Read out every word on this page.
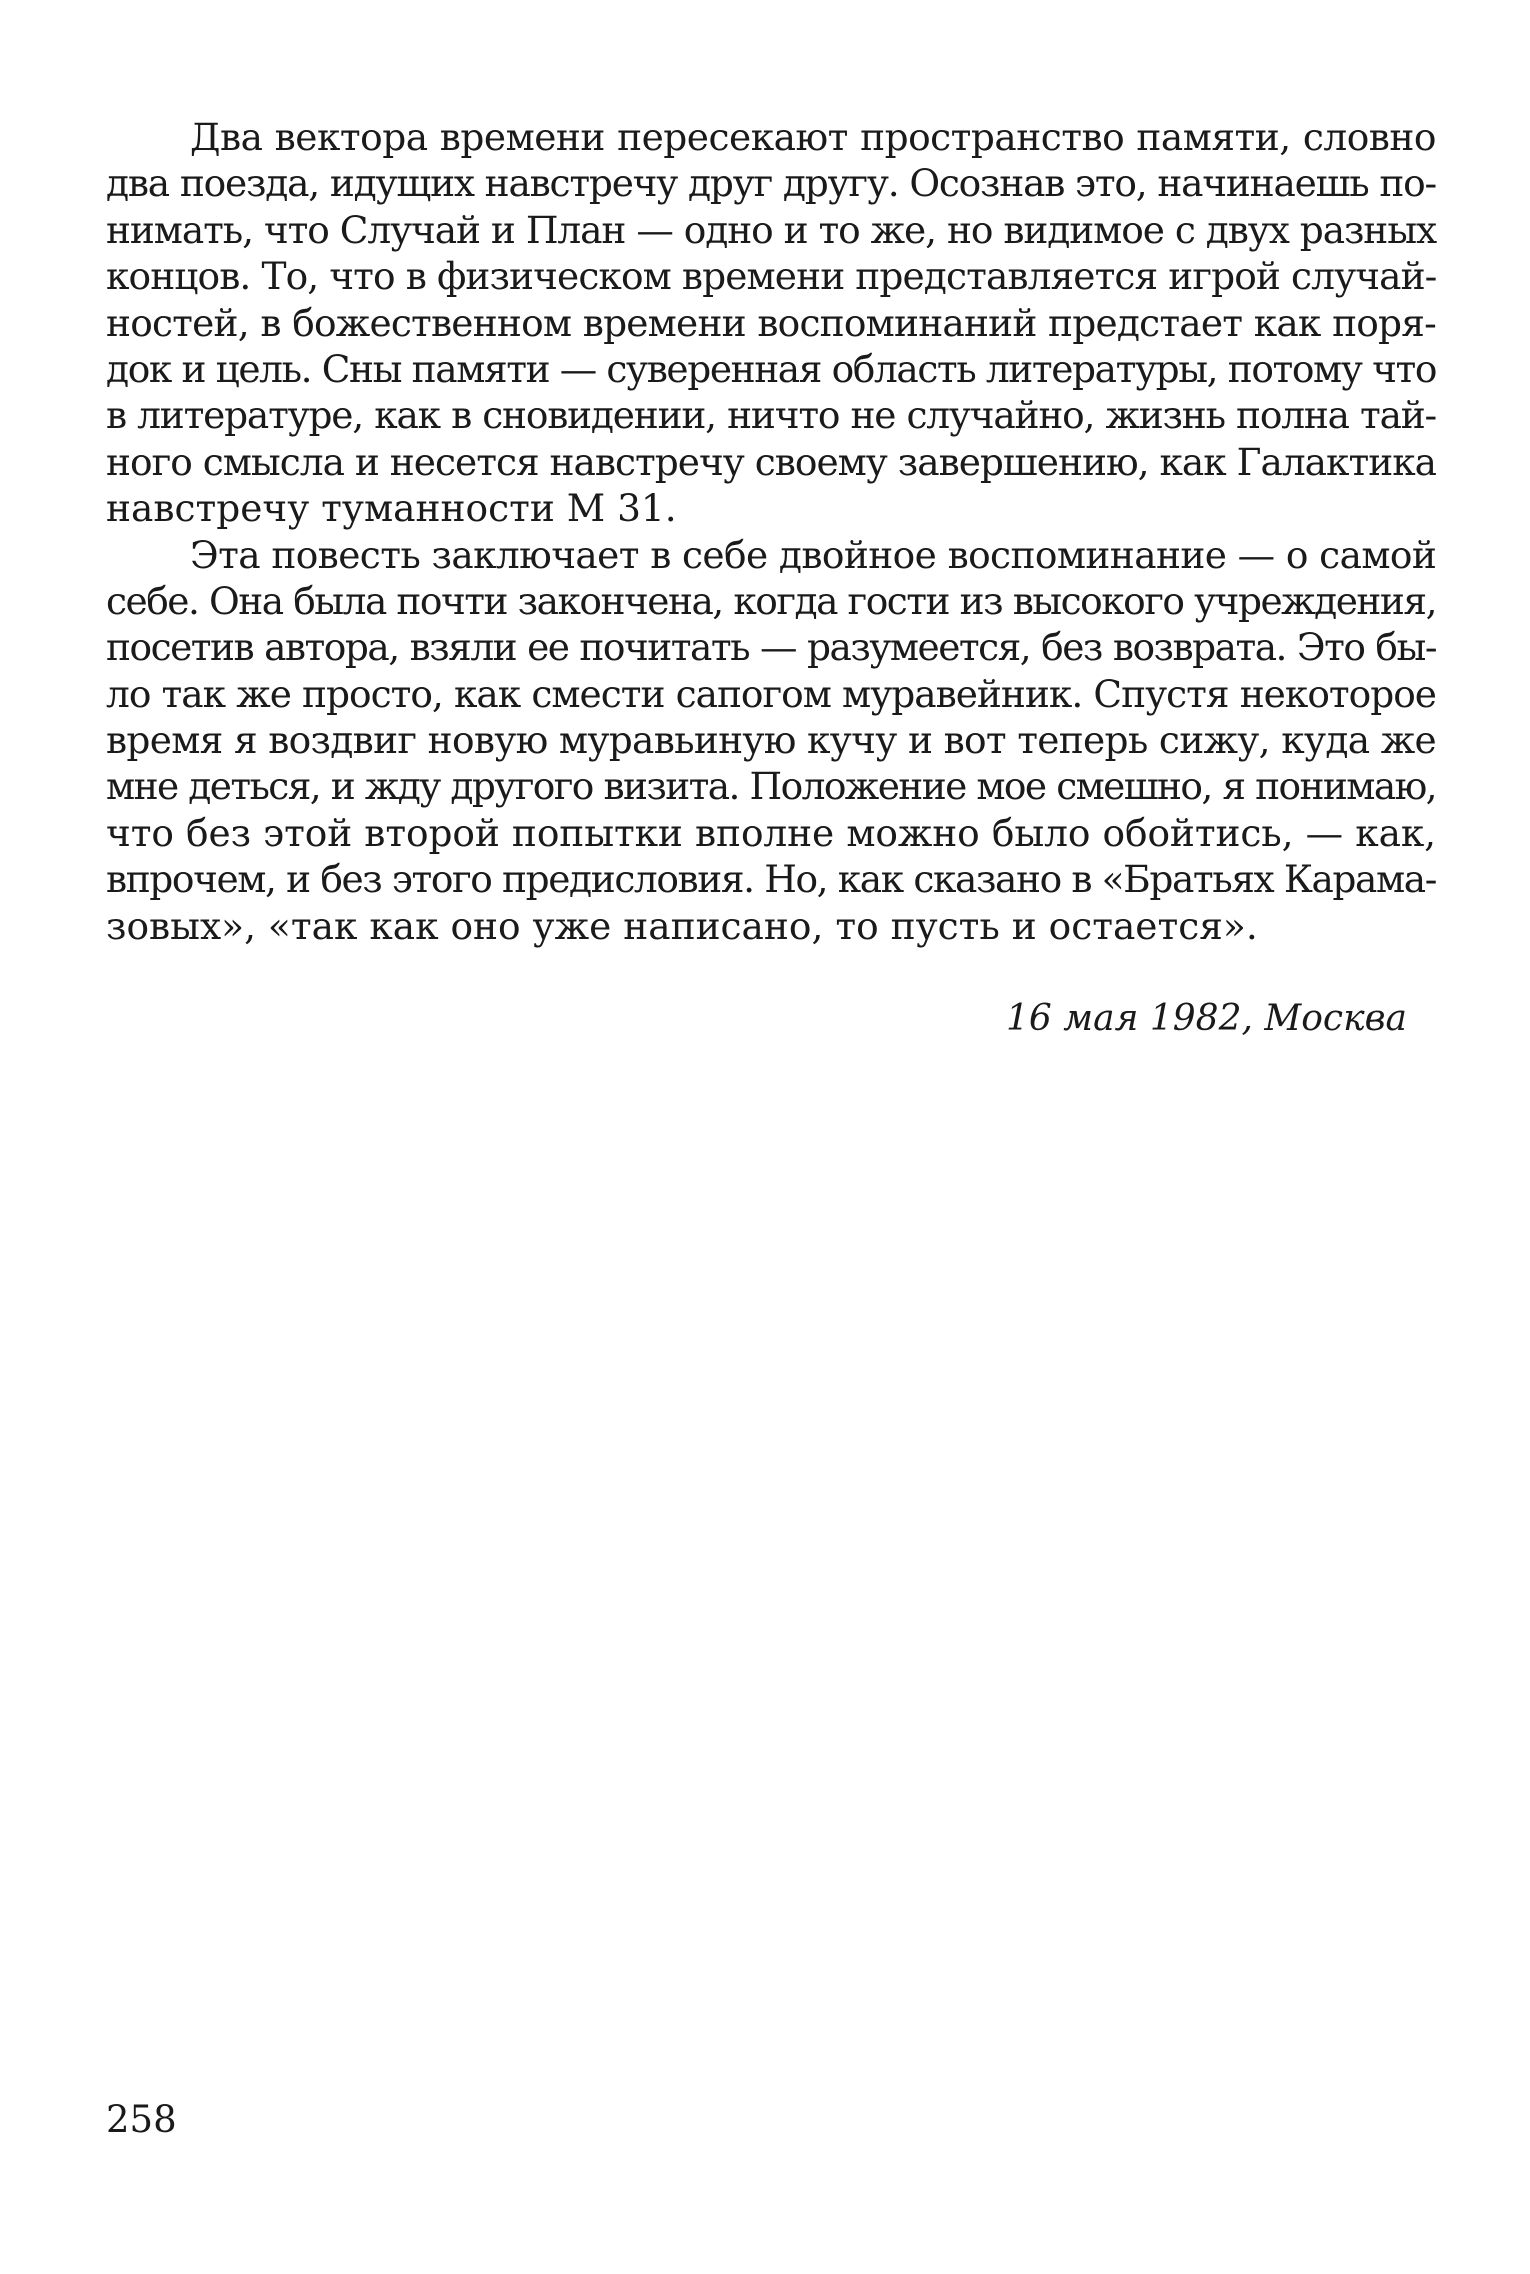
Два вектора времени пересекают пространство памяти, словно
два поезда, идущих навстречу друг другу. Осознав это, начинаешь по-
нимать, что Случай и План — одно и то же, но видимое с двух разных
концов. То, что в физическом времени представляется игрой случай-
ностей, в божественном времени воспоминаний предстает как поря-
док и цель. Сны памяти — суверенная область литературы, потому что
в литературе, как в сновидении, ничто не случайно, жизнь полна тай-
ного смысла и несется навстречу своему завершению, как Галактика
навстречу туманности М 31.
Эта повесть заключает в себе двойное воспоминание — о самой
себе. Она была почти закончена, когда гости из высокого учреждения,
посетив автора, взяли ее почитать — разумеется, без возврата. Это бы-
ло так же просто, как смести сапогом муравейник. Спустя некоторое
время я воздвиг новую муравьиную кучу и вот теперь сижу, куда же
мне деться, и жду другого визита. Положение мое смешно, я понимаю,
что без этой второй попытки вполне можно было обойтись, — как,
впрочем, и без этого предисловия. Но, как сказано в «Братьях Карама-
зовых», «так как оно уже написано, то пусть и остается».
16 мая 1982, Москва
258
